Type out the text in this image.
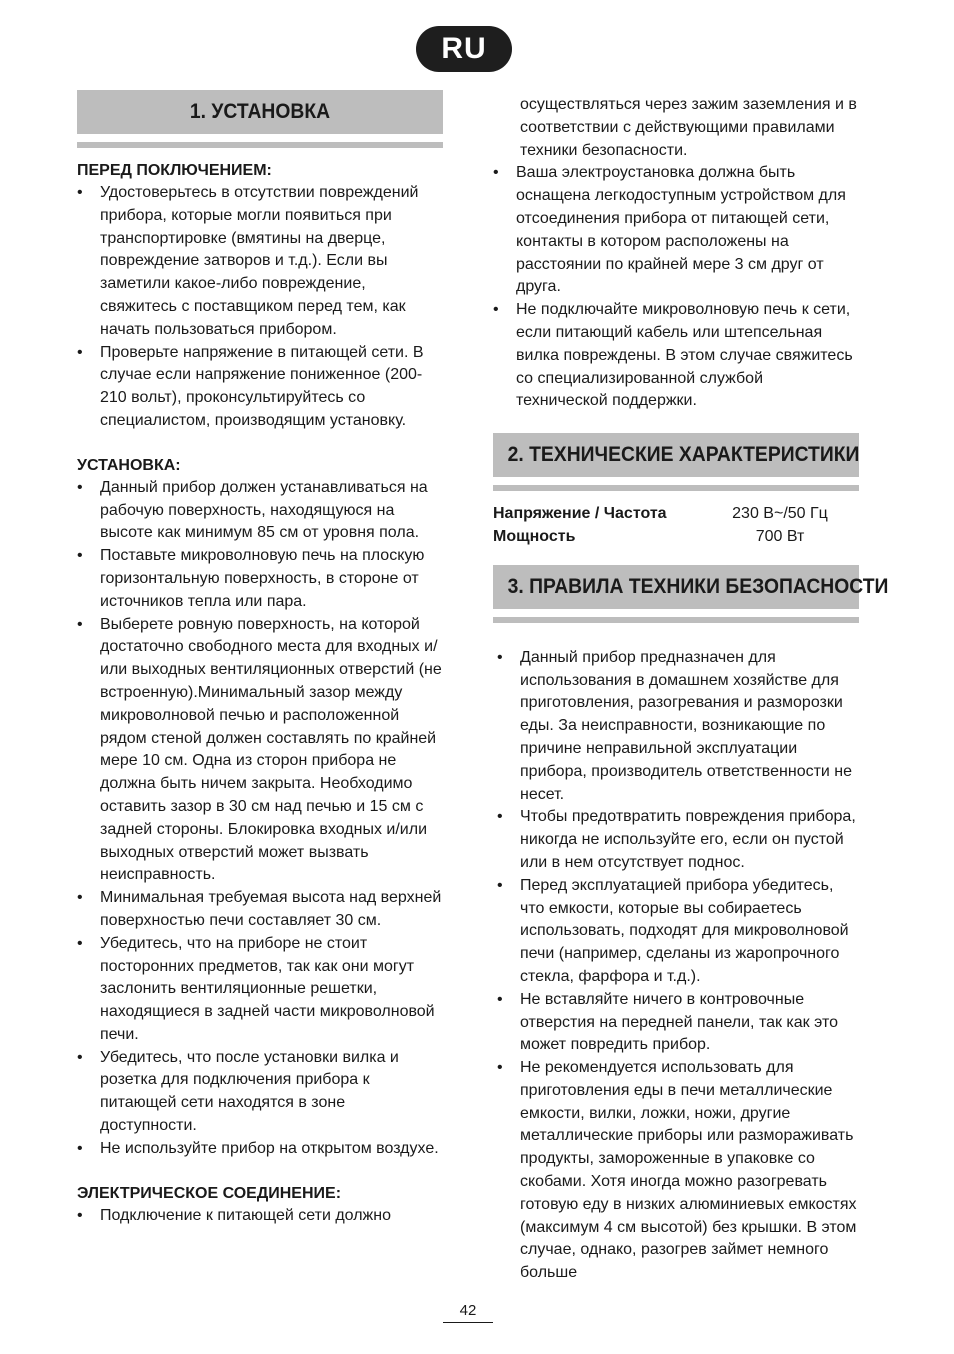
RU
1. УСТАНОВКА

ПЕРЕД ПОКЛЮЧЕНИЕМ:

• Удостоверьтесь в отсутствии повреждений прибора, которые могли появиться при транспортировке (вмятины на дверце, повреждение затворов и т.д.). Если вы заметили какое-либо повреждение, свяжитесь с поставщиком перед тем, как начать пользоваться прибором.
• Проверьте напряжение в питающей сети. В случае если напряжение пониженное (200-210 вольт), проконсультируйтесь со специалистом, производящим установку.

УСТАНОВКА:

• Данный прибор должен устанавливаться на рабочую поверхность, находящуюся на высоте как минимум 85 см от уровня пола.
• Поставьте микроволновую печь на плоскую горизонтальную поверхность, в стороне от источников тепла или пара.
• Выберете ровную поверхность, на которой достаточно свободного места для входных и/или выходных вентиляционных отверстий (не встроенную).Минимальный зазор между микроволновой печью и расположенной рядом стеной должен составлять по крайней мере 10 см. Одна из сторон прибора не должна быть ничем закрыта. Необходимо оставить зазор в 30 см над печью и 15 см с задней стороны. Блокировка входных и/или выходных отверстий может вызвать неисправность.
• Минимальная требуемая высота над верхней поверхностью печи составляет 30 см.
• Убедитесь, что на приборе не стоит посторонних предметов, так как они могут заслонить вентиляционные решетки, находящиеся в задней части микроволновой печи.
• Убедитесь, что после установки вилка и розетка для подключения прибора к питающей сети находятся в зоне доступности.
• Не используйте прибор на открытом воздухе.

ЭЛЕКТРИЧЕСКОЕ СОЕДИНЕНИЕ:

• Подключение к питающей сети должно
осуществляться через зажим заземления и в соответствии с действующими правилами техники безопасности.
• Ваша электроустановка должна быть оснащена легкодоступным устройством для отсоединения прибора от питающей сети, контакты в котором расположены на расстоянии по крайней мере 3 см друг от друга.
• Не подключайте микроволновую печь к сети, если питающий кабель или штепсельная вилка повреждены. В этом случае свяжитесь со специализированной службой технической поддержки.
2. ТЕХНИЧЕСКИЕ ХАРАКТЕРИСТИКИ
Напряжение / Частота	230 В~/50 Гц
Мощность	700 Вт
3. ПРАВИЛА ТЕХНИКИ БЕЗОПАСНОСТИ
• Данный прибор предназначен для использования в домашнем хозяйстве для приготовления, разогревания и разморозки еды. За неисправности, возникающие по причине неправильной эксплуатации прибора, производитель ответственности не несет.
• Чтобы предотвратить повреждения прибора, никогда не используйте его, если он пустой или в нем отсутствует поднос.
• Перед эксплуатацией прибора убедитесь, что емкости, которые вы собираетесь использовать, подходят для микроволновой печи (например, сделаны из жаропрочного стекла, фарфора и т.д.).
• Не вставляйте ничего в контровочные отверстия на передней панели, так как это может повредить прибор.
• Не рекомендуется использовать для приготовления еды в печи металлические емкости, вилки, ложки, ножи, другие металлические приборы или размораживать продукты, замороженные в упаковке со скобами. Хотя иногда можно разогревать готовую еду в низких алюминиевых емкостях (максимум 4 см высотой) без крышки. В этом случае, однако, разогрев займет немного больше
42
